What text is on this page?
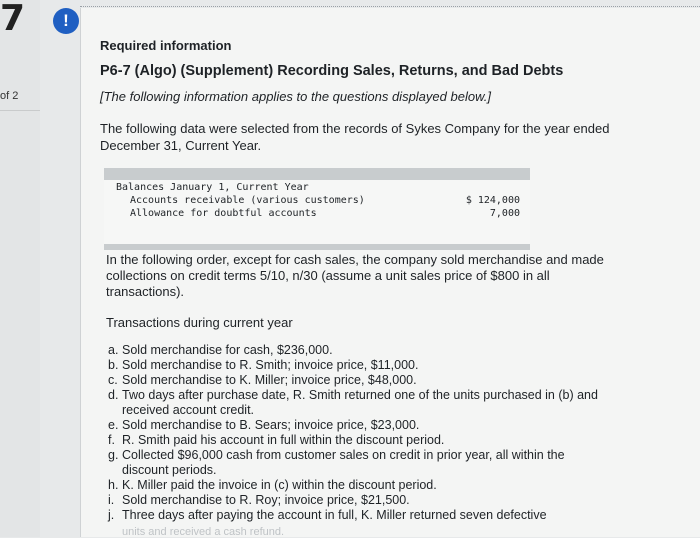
7
of 2
!
Required information
P6-7 (Algo) (Supplement) Recording Sales, Returns, and Bad Debts
[The following information applies to the questions displayed below.]
The following data were selected from the records of Sykes Company for the year ended December 31, Current Year.
Balances January 1, Current Year
Accounts receivable (various customers)	$ 124,000
Allowance for doubtful accounts	7,000
In the following order, except for cash sales, the company sold merchandise and made collections on credit terms 5/10, n/30 (assume a unit sales price of $800 in all transactions).
Transactions during current year
a. Sold merchandise for cash, $236,000.
b. Sold merchandise to R. Smith; invoice price, $11,000.
c. Sold merchandise to K. Miller; invoice price, $48,000.
d. Two days after purchase date, R. Smith returned one of the units purchased in (b) and received account credit.
e. Sold merchandise to B. Sears; invoice price, $23,000.
f. R. Smith paid his account in full within the discount period.
g. Collected $96,000 cash from customer sales on credit in prior year, all within the discount periods.
h. K. Miller paid the invoice in (c) within the discount period.
i. Sold merchandise to R. Roy; invoice price, $21,500.
j. Three days after paying the account in full, K. Miller returned seven defective
units and received a cash refund.
